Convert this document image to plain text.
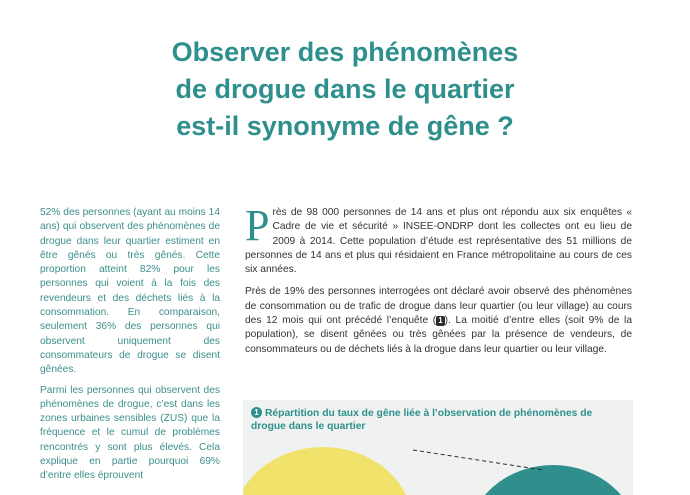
Observer des phénomènes
de drogue dans le quartier
est-il synonyme de gêne ?

52% des personnes (ayant au moins 14 ans) qui observent des phénomènes de drogue dans leur quartier estiment en être gênés ou très gênés. Cette proportion atteint 82% pour les personnes qui voient à la fois des revendeurs et des déchets liés à la consommation. En comparaison, seulement 36% des personnes qui observent uniquement des consommateurs de drogue se disent gênées.

Parmi les personnes qui observent des phénomènes de drogue, c’est dans les zones urbaines sensibles (ZUS) que la fréquence et le cumul de problèmes rencontrés y sont plus élevés. Cela explique en partie pourquoi 69% d’entre elles éprouvent

Près de 98 000 personnes de 14 ans et plus ont répondu aux six enquêtes « Cadre de vie et sécurité » INSEE-ONDRP dont les collectes ont eu lieu de 2009 à 2014. Cette population d’étude est représentative des 51 millions de personnes de 14 ans et plus qui résidaient en France métropolitaine au cours de ces six années.

Près de 19% des personnes interrogées ont déclaré avoir observé des phénomènes de consommation ou de trafic de drogue dans leur quartier (ou leur village) au cours des 12 mois qui ont précédé l’enquête ( 1 ). La moitié d’entre elles (soit 9% de la population), se disent gênées ou très gênées par la présence de vendeurs, de consommateurs ou de déchets liés à la drogue dans leur quartier ou leur village.

1 Répartition du taux de gêne liée à l’observation de phénomènes de drogue dans le quartier
